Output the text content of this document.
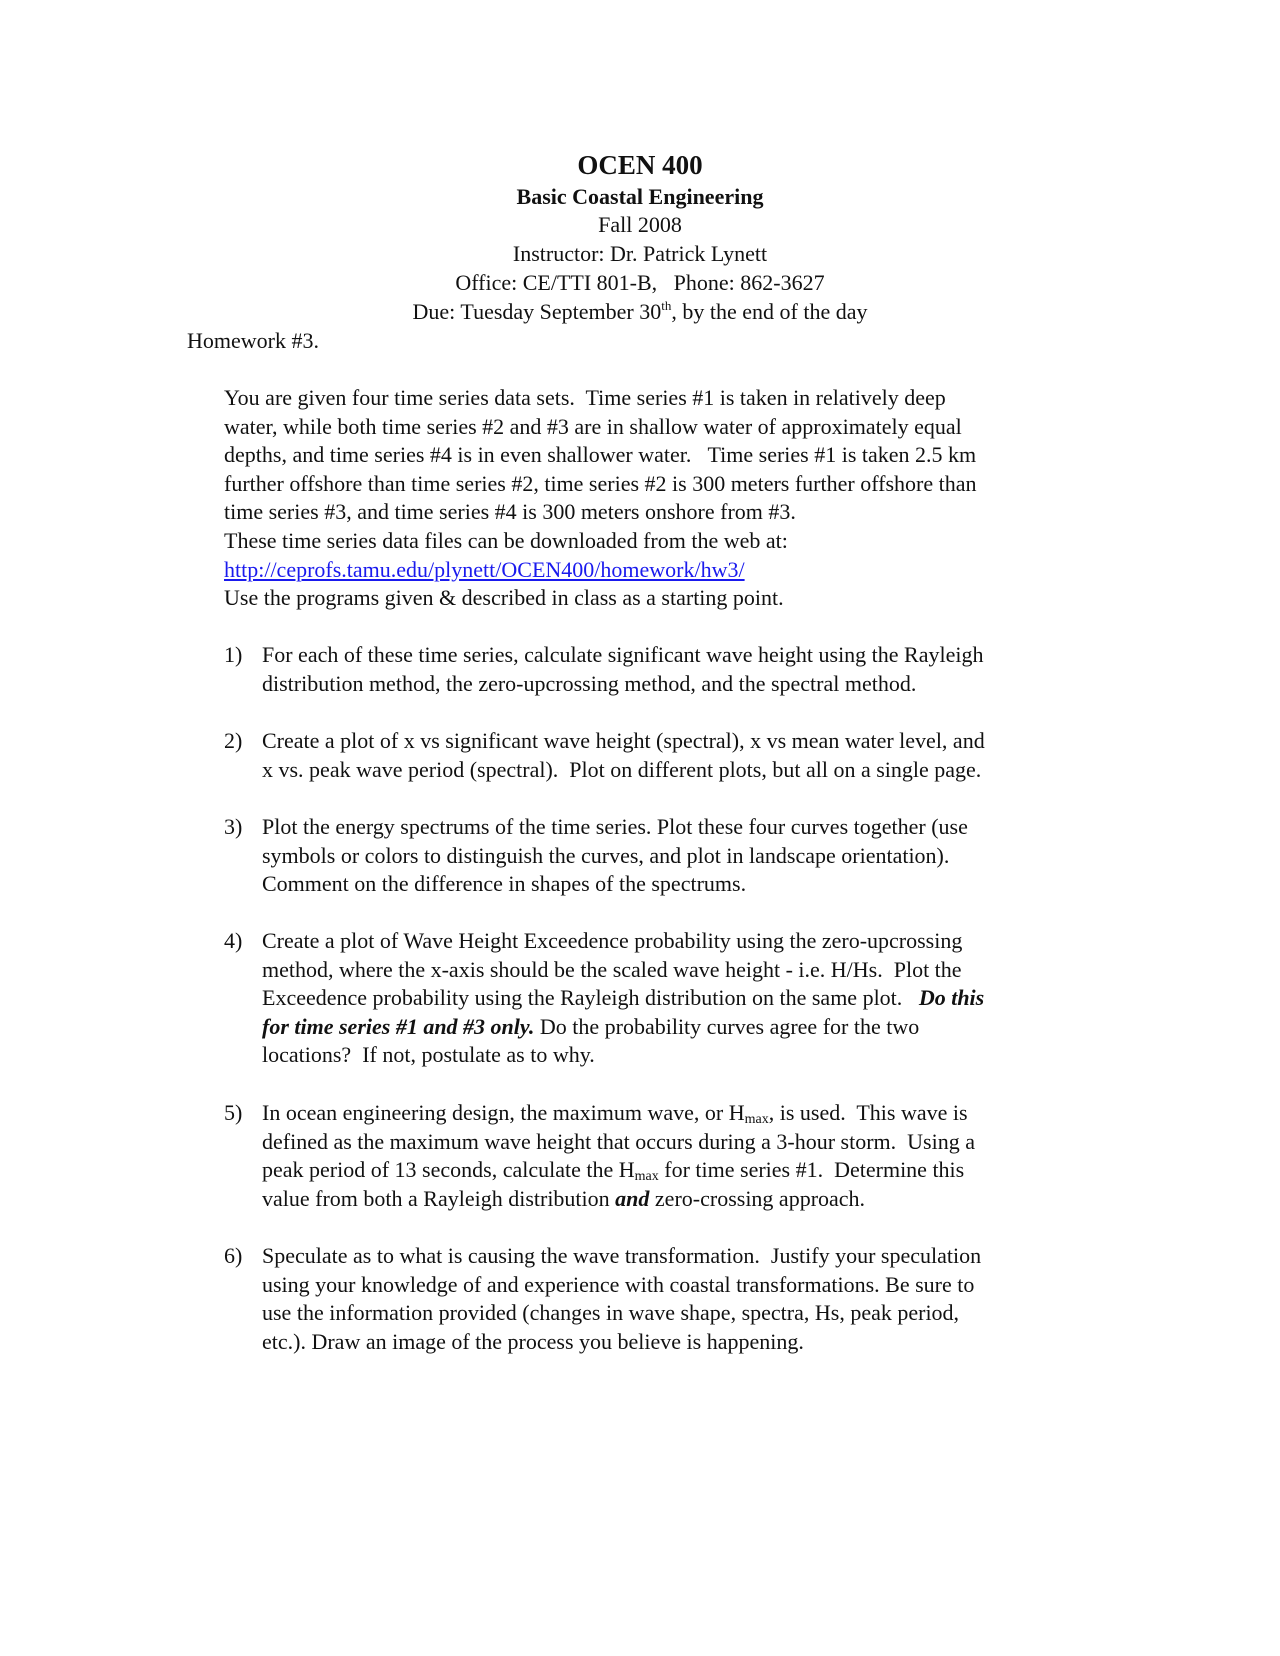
OCEN 400
Basic Coastal Engineering
Fall 2008
Instructor: Dr. Patrick Lynett
Office: CE/TTI 801-B,   Phone: 862-3627
Due: Tuesday September 30th, by the end of the day
Homework #3.
You are given four time series data sets.  Time series #1 is taken in relatively deep
water, while both time series #2 and #3 are in shallow water of approximately equal
depths, and time series #4 is in even shallower water.   Time series #1 is taken 2.5 km
further offshore than time series #2, time series #2 is 300 meters further offshore than
time series #3, and time series #4 is 300 meters onshore from #3.
These time series data files can be downloaded from the web at:
http://ceprofs.tamu.edu/plynett/OCEN400/homework/hw3/
Use the programs given & described in class as a starting point.
1) For each of these time series, calculate significant wave height using the Rayleigh
distribution method, the zero-upcrossing method, and the spectral method.
2) Create a plot of x vs significant wave height (spectral), x vs mean water level, and
x vs. peak wave period (spectral).  Plot on different plots, but all on a single page.
3) Plot the energy spectrums of the time series. Plot these four curves together (use
symbols or colors to distinguish the curves, and plot in landscape orientation).
Comment on the difference in shapes of the spectrums.
4) Create a plot of Wave Height Exceedence probability using the zero-upcrossing
method, where the x-axis should be the scaled wave height - i.e. H/Hs.  Plot the
Exceedence probability using the Rayleigh distribution on the same plot.   Do this
for time series #1 and #3 only. Do the probability curves agree for the two
locations?  If not, postulate as to why.
5) In ocean engineering design, the maximum wave, or $H_{max}$, is used.  This wave is
defined as the maximum wave height that occurs during a 3-hour storm.  Using a
peak period of 13 seconds, calculate the $H_{max}$ for time series #1.  Determine this
value from both a Rayleigh distribution and zero-crossing approach.
6) Speculate as to what is causing the wave transformation.  Justify your speculation
using your knowledge of and experience with coastal transformations. Be sure to
use the information provided (changes in wave shape, spectra, Hs, peak period,
etc.). Draw an image of the process you believe is happening.
